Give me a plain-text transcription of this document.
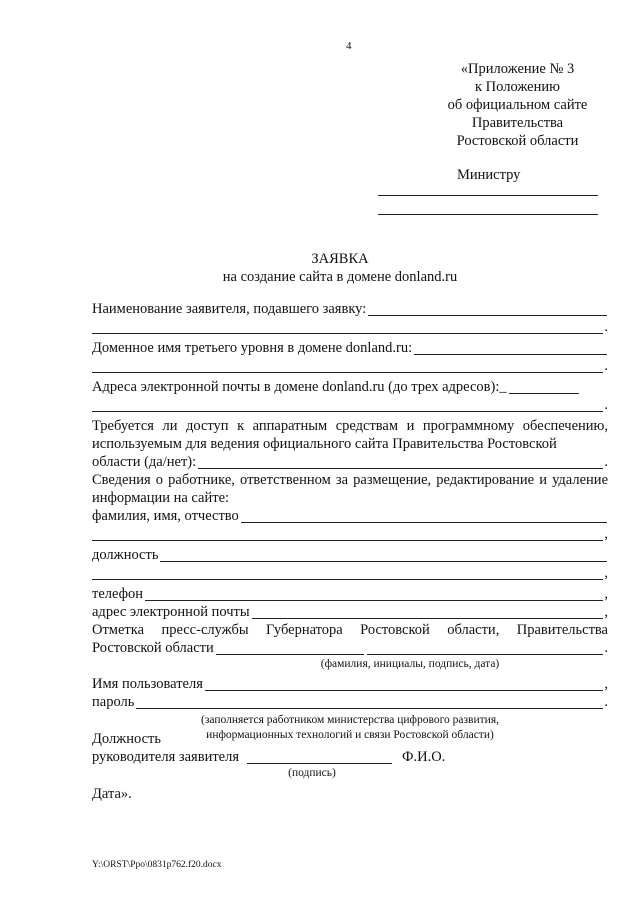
4
«Приложение № 3
к Положению
об официальном сайте
Правительства
Ростовской области
Министру
ЗАЯВКА
на создание сайта в домене donland.ru
Наименование заявителя, подавшего заявку:
.
Доменное имя третьего уровня в домене donland.ru:
.
Адреса электронной почты в домене donland.ru (до трех адресов):_
.
Требуется ли доступ к аппаратным средствам и программному обеспечению, используемым для ведения официального сайта Правительства Ростовской
области (да/нет):	.
Сведения о работнике, ответственном за размещение, редактирование и удаление информации на сайте:
фамилия, имя, отчество
,
должность
,
телефон	,
адрес электронной почты	,
Отметка пресс-службы Губернатора Ростовской области, Правительства
Ростовской области	.
(фамилия, инициалы, подпись, дата)
Имя пользователя	,
пароль	.
(заполняется работником министерства цифрового развития,
информационных технологий и связи Ростовской области)
Должность
руководителя заявителя	Ф.И.О.
(подпись)
Дата».
Y:\ORST\Ppo\0831p762.f20.docx
